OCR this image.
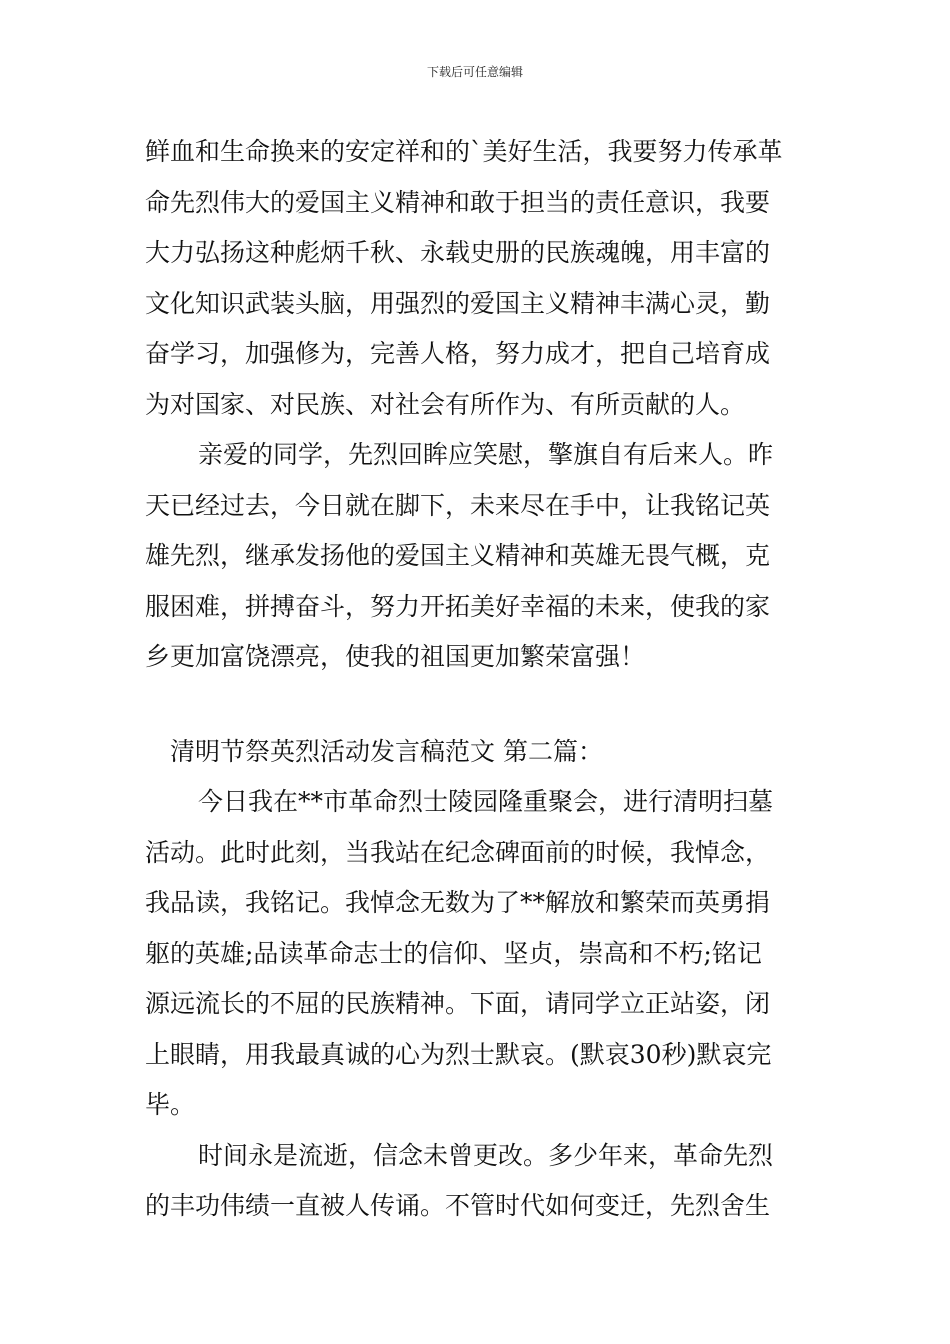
下载后可任意编辑
鲜血和生命换来的安定祥和的`美好生活，我要努力传承革
命先烈伟大的爱国主义精神和敢于担当的责任意识，我要
大力弘扬这种彪炳千秋、永载史册的民族魂魄，用丰富的
文化知识武装头脑，用强烈的爱国主义精神丰满心灵，勤
奋学习，加强修为，完善人格，努力成才，把自己培育成
为对国家、对民族、对社会有所作为、有所贡献的人。
亲爱的同学，先烈回眸应笑慰，擎旗自有后来人。昨
天已经过去，今日就在脚下，未来尽在手中，让我铭记英
雄先烈，继承发扬他的爱国主义精神和英雄无畏气概，克
服困难，拼搏奋斗，努力开拓美好幸福的未来，使我的家
乡更加富饶漂亮，使我的祖国更加繁荣富强！
清明节祭英烈活动发言稿范文 第二篇：
今日我在**市革命烈士陵园隆重聚会，进行清明扫墓
活动。此时此刻，当我站在纪念碑面前的时候，我悼念，
我品读，我铭记。我悼念无数为了**解放和繁荣而英勇捐
躯的英雄;品读革命志士的信仰、坚贞，崇高和不朽;铭记
源远流长的不屈的民族精神。下面，请同学立正站姿，闭
上眼睛，用我最真诚的心为烈士默哀。(默哀30秒)默哀完
毕。
时间永是流逝，信念未曾更改。多少年来，革命先烈
的丰功伟绩一直被人传诵。不管时代如何变迁，先烈舍生
